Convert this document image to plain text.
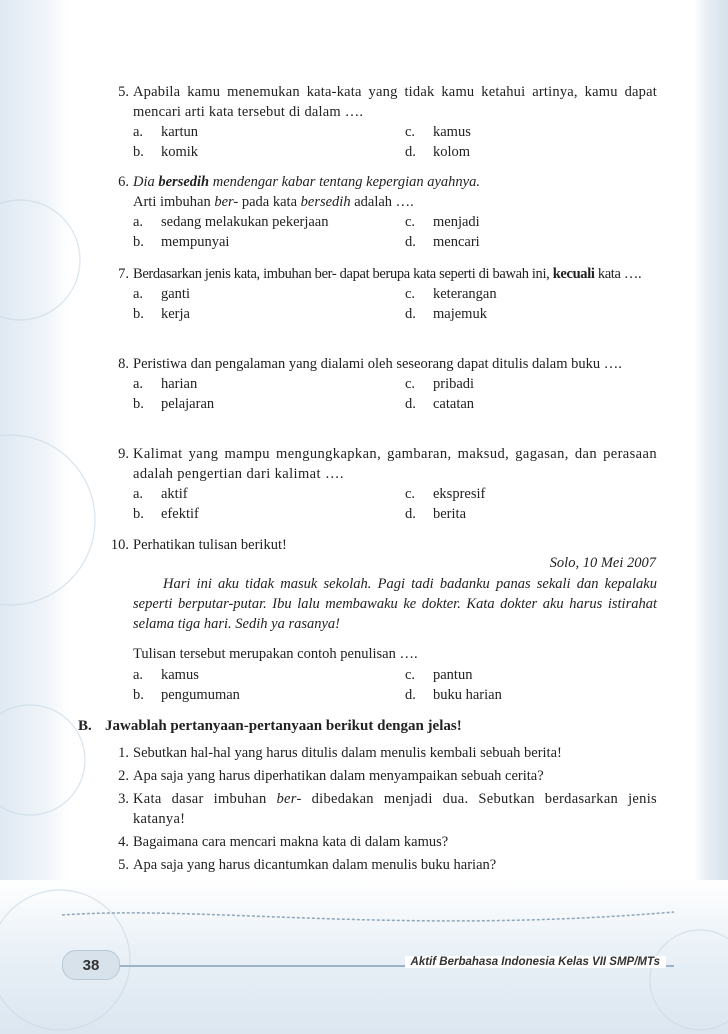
5. Apabila kamu menemukan kata-kata yang tidak kamu ketahui artinya, kamu dapat mencari arti kata tersebut di dalam ….
a. kartun
b. komik
c. kamus
d. kolom
6. Dia bersedih mendengar kabar tentang kepergian ayahnya.
Arti imbuhan ber- pada kata bersedih adalah ….
a. sedang melakukan pekerjaan
b. mempunyai
c. menjadi
d. mencari
7. Berdasarkan jenis kata, imbuhan ber- dapat berupa kata seperti di bawah ini, kecuali kata ….
a. ganti
b. kerja
c. keterangan
d. majemuk
8. Peristiwa dan pengalaman yang dialami oleh seseorang dapat ditulis dalam buku ….
a. harian
b. pelajaran
c. pribadi
d. catatan
9. Kalimat yang mampu mengungkapkan, gambaran, maksud, gagasan, dan perasaan adalah pengertian dari kalimat ….
a. aktif
b. efektif
c. ekspresif
d. berita
10. Perhatikan tulisan berikut!
Solo, 10 Mei 2007
Hari ini aku tidak masuk sekolah. Pagi tadi badanku panas sekali dan kepalaku seperti berputar-putar. Ibu lalu membawaku ke dokter. Kata dokter aku harus istirahat selama tiga hari. Sedih ya rasanya!
Tulisan tersebut merupakan contoh penulisan ….
a. kamus
b. pengumuman
c. pantun
d. buku harian
B. Jawablah pertanyaan-pertanyaan berikut dengan jelas!
1. Sebutkan hal-hal yang harus ditulis dalam menulis kembali sebuah berita!
2. Apa saja yang harus diperhatikan dalam menyampaikan sebuah cerita?
3. Kata dasar imbuhan ber- dibedakan menjadi dua. Sebutkan berdasarkan jenis katanya!
4. Bagaimana cara mencari makna kata di dalam kamus?
5. Apa saja yang harus dicantumkan dalam menulis buku harian?
38	Aktif Berbahasa Indonesia Kelas VII SMP/MTs
